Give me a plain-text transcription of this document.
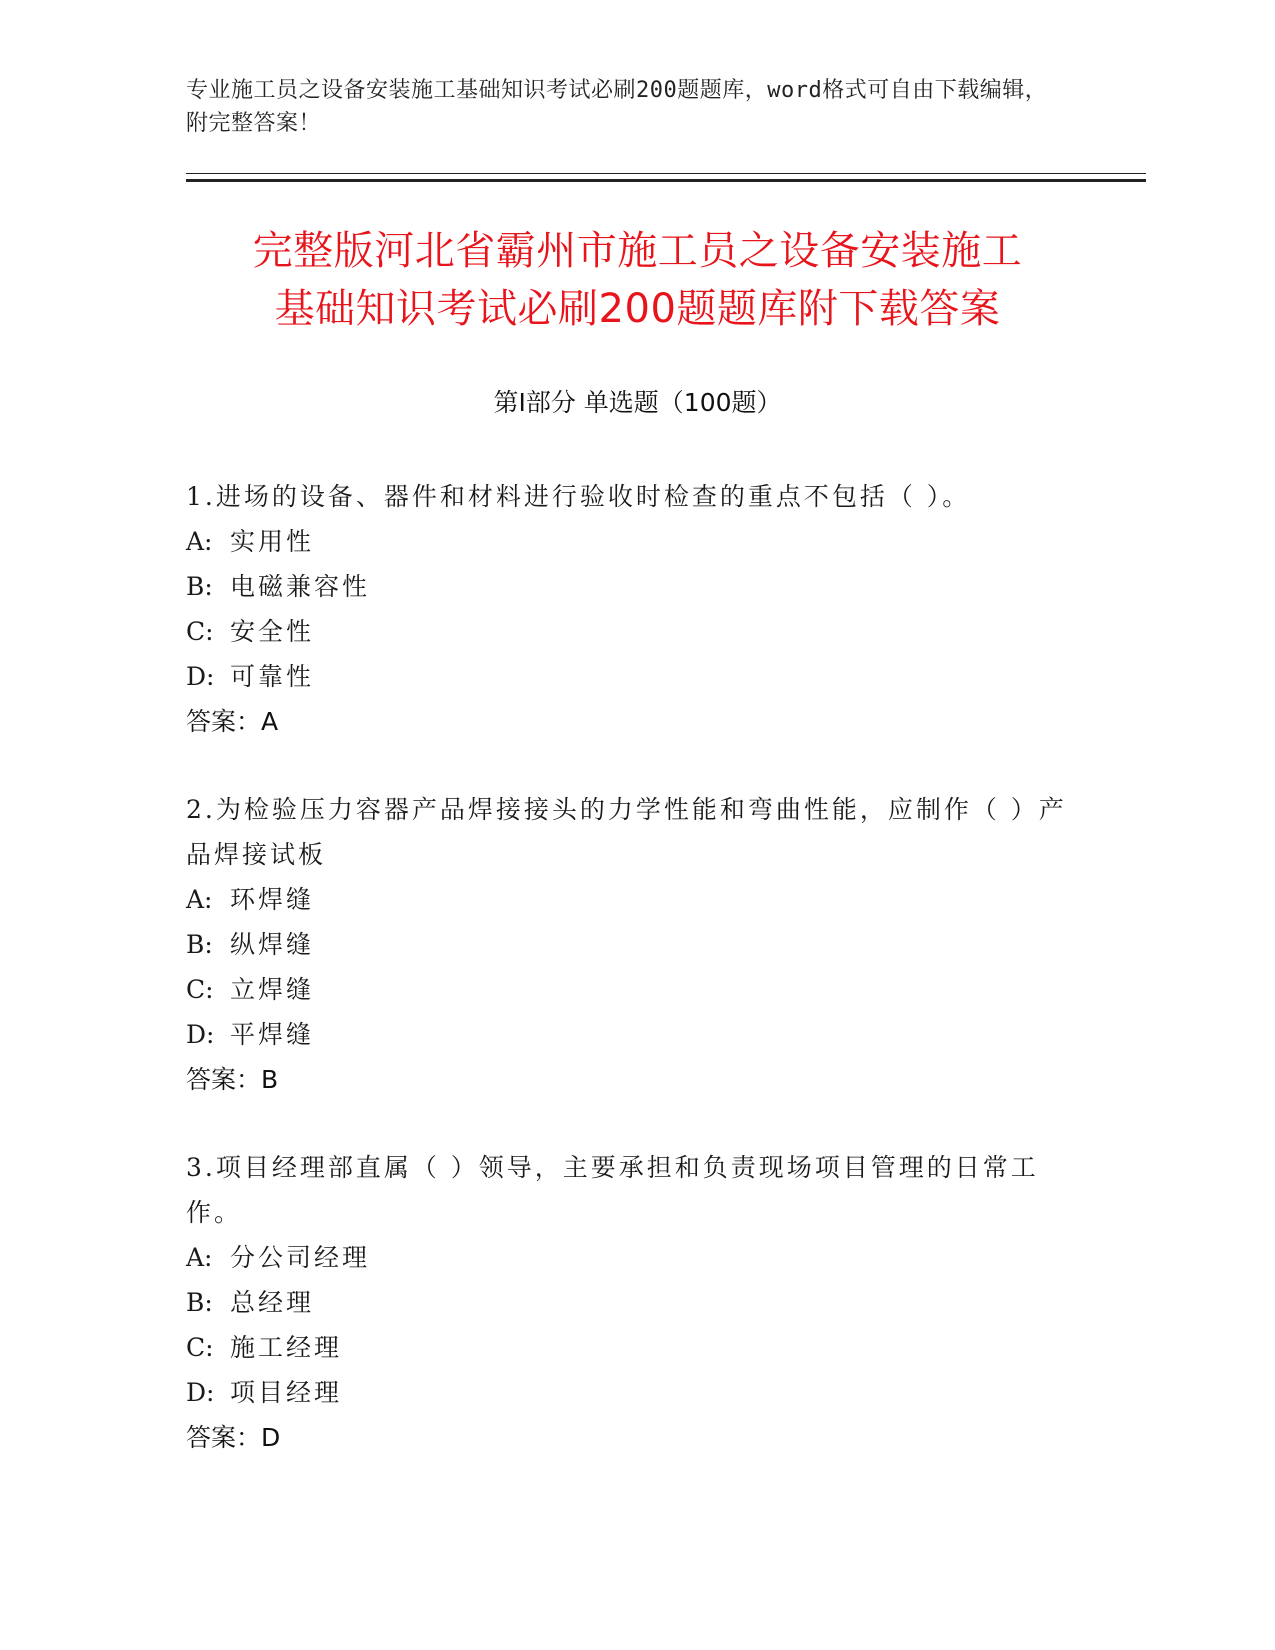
专业施工员之设备安装施工基础知识考试必刷200题题库，word格式可自由下载编辑，附完整答案！
完整版河北省霸州市施工员之设备安装施工
基础知识考试必刷200题题库附下载答案
第Ⅰ部分 单选题（100题）
1.进场的设备、器件和材料进行验收时检查的重点不包括（ ）。
A: 实用性
B: 电磁兼容性
C: 安全性
D: 可靠性
答案：A
2.为检验压力容器产品焊接接头的力学性能和弯曲性能，应制作（ ）产品焊接试板
A: 环焊缝
B: 纵焊缝
C: 立焊缝
D: 平焊缝
答案：B
3.项目经理部直属（ ）领导，主要承担和负责现场项目管理的日常工作。
A: 分公司经理
B: 总经理
C: 施工经理
D: 项目经理
答案：D
